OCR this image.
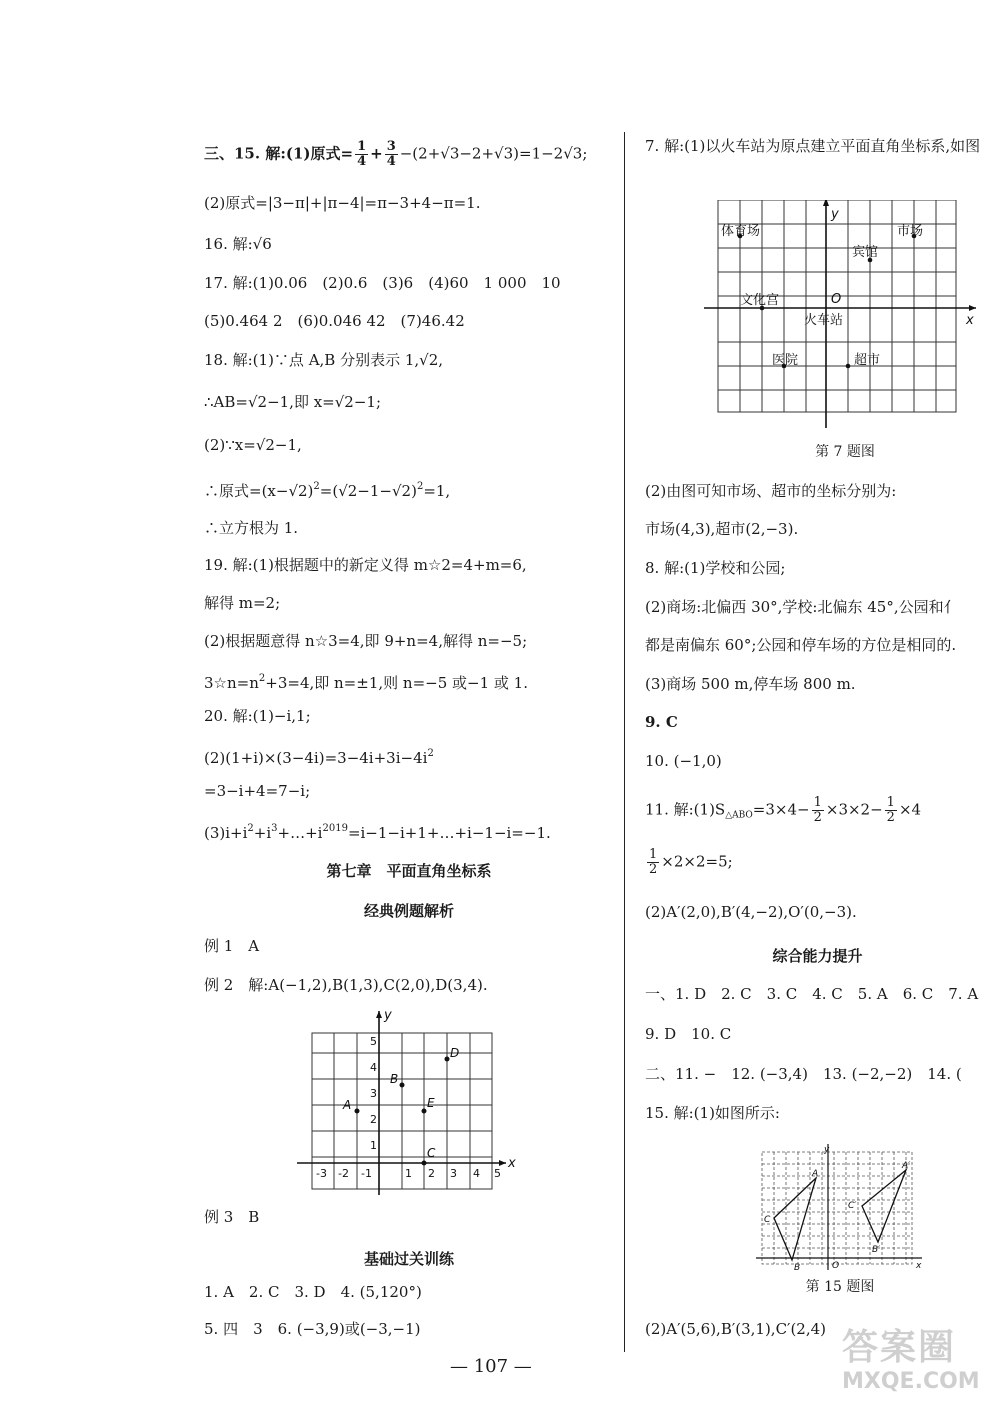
三、15. 解:(1)原式= $\frac{1}{4} + \frac{3}{4} -(2+√3-2+√3)=1-2√3$;
(2)原式=|3−π|+|π−4|=π−3+4−π=1.
16. 解:√6
17. 解:(1)0.06　(2)0.6　(3)6　(4)60　1 000　10
(5)0.464 2　(6)0.046 42　(7)46.42
18. 解:(1)∵点 A,B 分别表示 1,√2,
∴AB=√2−1,即 x=√2−1;
(2)∵x=√2−1,
∴原式$=(x-√2)^2=(√2-1-√2)^2=1$,
∴立方根为 1.
19. 解:(1)根据题中的新定义得 m☆2=4+m=6,
解得 m=2;
(2)根据题意得 n☆3=4,即 9+n=4,解得 n=−5;
$3☆n=n^2+3=4$,即 n=±1,则 n=−5 或−1 或 1.
20. 解:(1)−i,1;
$(2)(1+i)\times(3-4i)=3-4i+3i-4i^2$
=3−i+4=7−i;
$(3)i+i^2+i^3+\dots+i^{2019}=i-1-i+1+\dots+i-1-i=-1$.
第七章　平面直角坐标系
经典例题解析
例 1　A
例 2　解:A(−1,2),B(1,3),C(2,0),D(3,4).
-3 -2 -1	1 2 3 4 5
1
2
3
4
5
x
y
A
B
C
D
E
例 3　B
基础过关训练
1. A　2. C　3. D　4. (5,120°)
5. 四　3　6. (−3,9)或(−3,−1)
7. 解:(1)以火车站为原点建立平面直角坐标系,如图
体育场	市场
宾馆
文化宫	O
火车站
医院	超市
x
y
第 7 题图
(2)由图可知市场、超市的坐标分别为:
市场(4,3),超市(2,−3).
8. 解:(1)学校和公园;
(2)商场:北偏西 30°,学校:北偏东 45°,公园和亻
都是南偏东 60°;公园和停车场的方位是相同的.
(3)商场 500 m,停车场 800 m.
9. C
10. (−1,0)
11. 解$:(1)S_{\triangle ABO}=3\times 4- \frac{1}{2} \times 3\times 2- \frac{1}{2} \times 4$
$\frac{1}{2} \times 2\times 2=5$;
(2)A′(2,0),B′(4,−2),O′(0,−3).
综合能力提升
一、1. D　2. C　3. C　4. C　5. A　6. C　7. A
9. D　10. C
二、11. −　12. (−3,4)　13. (−2,−2)　14. (
15. 解:(1)如图所示:
A
B
C
A′
B′
C′
O	x
y
第 15 题图
(2)A′(5,6),B′(3,1),C′(2,4)
— 107 —	答案圈
MXQE.COM
